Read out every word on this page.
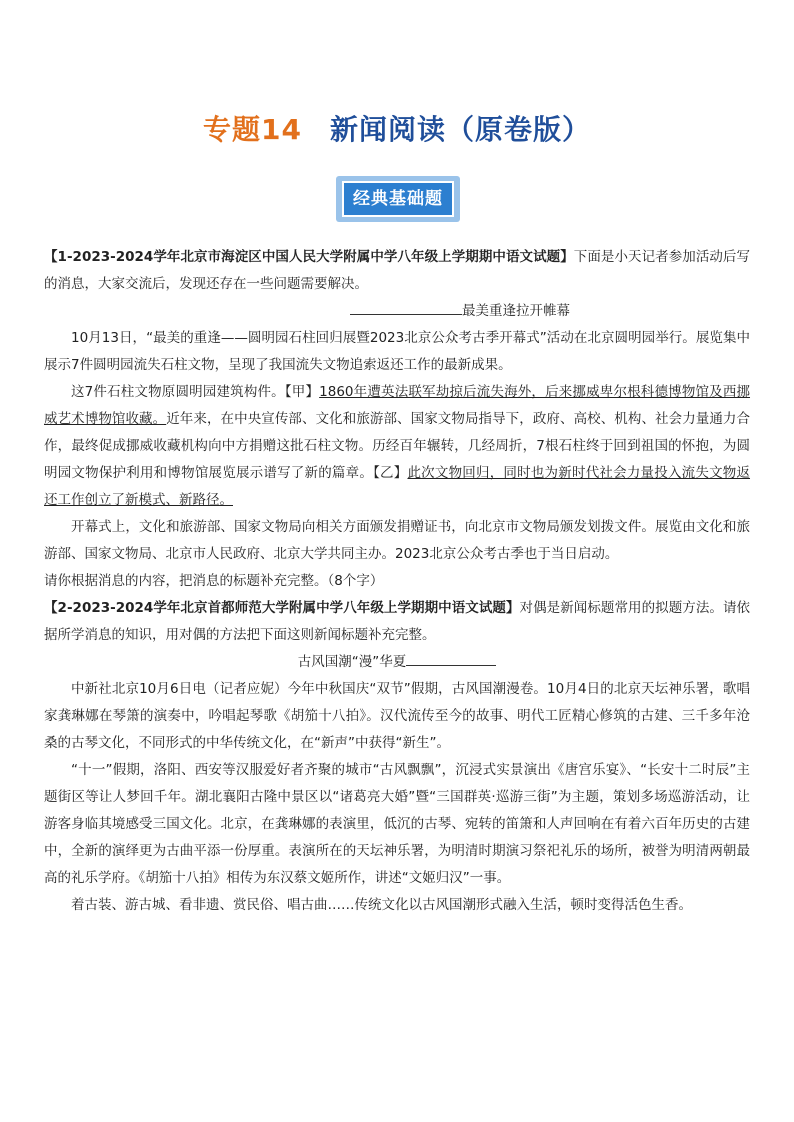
专题14 新闻阅读（原卷版）
经典基础题

【1-2023-2024学年北京市海淀区中国人民大学附属中学八年级上学期期中语文试题】下面是小天记者参加活动后写的消息，大家交流后，发现还存在一些问题需要解决。

最美重逢拉开帷幕

10月13日，“最美的重逢——圆明园石柱回归展暨2023北京公众考古季开幕式”活动在北京圆明园举行。展览集中展示7件圆明园流失石柱文物，呈现了我国流失文物追索返还工作的最新成果。

这7件石柱文物原圆明园建筑构件。【甲】1860年遭英法联军劫掠后流失海外，后来挪威卑尔根科德博物馆及西挪威艺术博物馆收藏。近年来，在中央宣传部、文化和旅游部、国家文物局指导下，政府、高校、机构、社会力量通力合作，最终促成挪威收藏机构向中方捐赠这批石柱文物。历经百年辗转，几经周折，7根石柱终于回到祖国的怀抱，为圆明园文物保护利用和博物馆展览展示谱写了新的篇章。【乙】此次文物回归，同时也为新时代社会力量投入流失文物返还工作创立了新模式、新路径。

开幕式上，文化和旅游部、国家文物局向相关方面颁发捐赠证书，向北京市文物局颁发划拨文件。展览由文化和旅游部、国家文物局、北京市人民政府、北京大学共同主办。2023北京公众考古季也于当日启动。

请你根据消息的内容，把消息的标题补充完整。（8个字）

【2-2023-2024学年北京首都师范大学附属中学八年级上学期期中语文试题】对偶是新闻标题常用的拟题方法。请依据所学消息的知识，用对偶的方法把下面这则新闻标题补充完整。

古风国潮“漫”华夏

中新社北京10月6日电（记者应妮）今年中秋国庆“双节”假期，古风国潮漫卷。10月4日的北京天坛神乐署，歌唱家龚琳娜在琴箫的演奏中，吟唱起琴歌《胡笳十八拍》。汉代流传至今的故事、明代工匠精心修筑的古建、三千多年沧桑的古琴文化，不同形式的中华传统文化，在“新声”中获得“新生”。

“十一”假期，洛阳、西安等汉服爱好者齐聚的城市“古风飘飘”，沉浸式实景演出《唐宫乐宴》、“长安十二时辰”主题街区等让人梦回千年。湖北襄阳古隆中景区以“诸葛亮大婚”暨“三国群英·巡游三街”为主题，策划多场巡游活动，让游客身临其境感受三国文化。北京，在龚琳娜的表演里，低沉的古琴、宛转的笛箫和人声回响在有着六百年历史的古建中，全新的演绎更为古曲平添一份厚重。表演所在的天坛神乐署，为明清时期演习祭祀礼乐的场所，被誉为明清两朝最高的礼乐学府。《胡笳十八拍》相传为东汉蔡文姬所作，讲述“文姬归汉”一事。

着古装、游古城、看非遗、赏民俗、唱古曲……传统文化以古风国潮形式融入生活，顿时变得活色生香。
